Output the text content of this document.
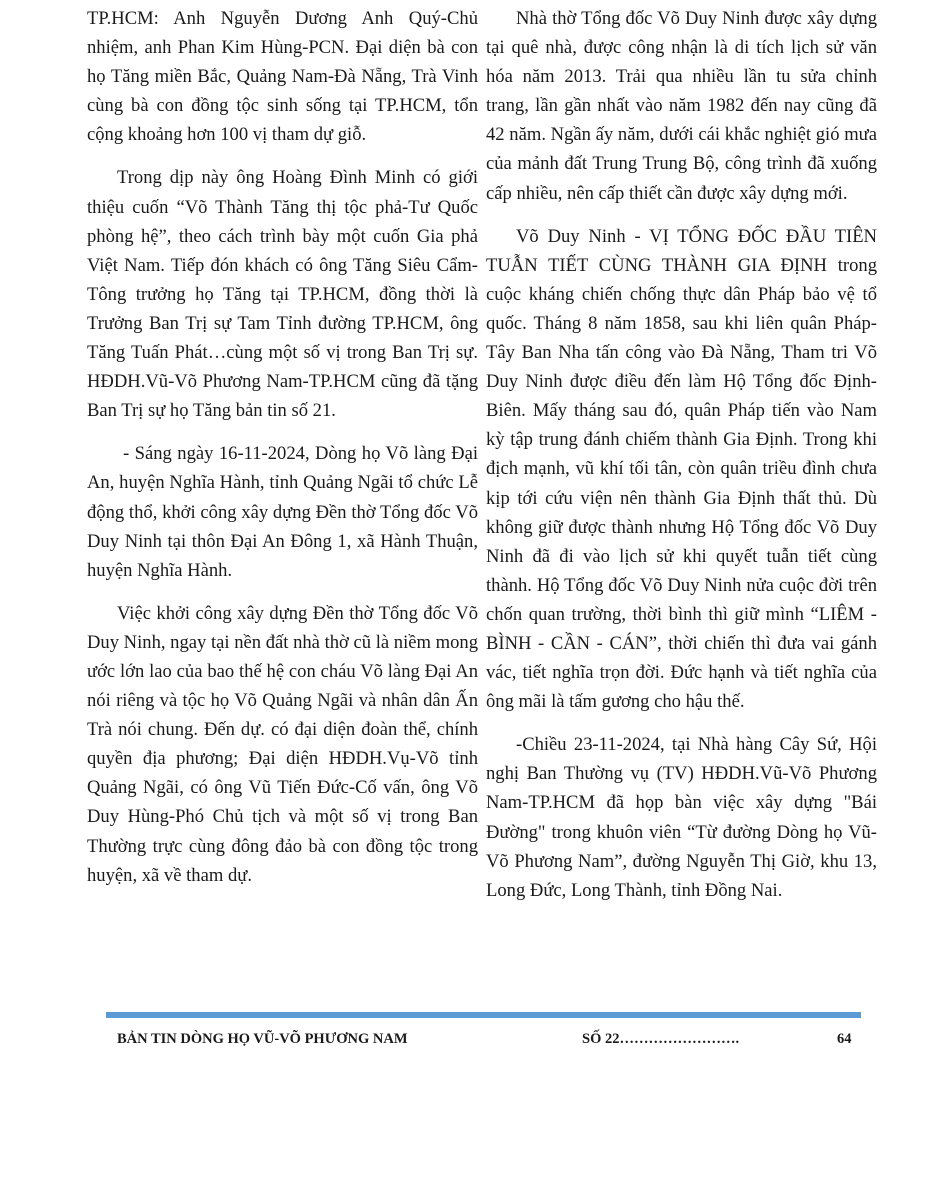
TP.HCM: Anh Nguyễn Dương Anh Quý-Chủ nhiệm, anh Phan Kim Hùng-PCN. Đại diện bà con họ Tăng miền Bắc, Quảng Nam-Đà Nẵng, Trà Vinh cùng bà con đồng tộc sinh sống tại TP.HCM, tổn cộng khoảng hơn 100 vị tham dự giỗ.

Trong dịp này ông Hoàng Đình Minh có giới thiệu cuốn “Võ Thành Tăng thị tộc phả-Tư Quốc phòng hệ”, theo cách trình bày một cuốn Gia phả Việt Nam. Tiếp đón khách có ông Tăng Siêu Cẩm-Tông trưởng họ Tăng tại TP.HCM, đồng thời là Trưởng Ban Trị sự Tam Tỉnh đường TP.HCM, ông Tăng Tuấn Phát…cùng một số vị trong Ban Trị sự. HĐDH.Vũ-Võ Phương Nam-TP.HCM cũng đã tặng Ban Trị sự họ Tăng bản tin số 21.

- Sáng ngày 16-11-2024, Dòng họ Võ làng Đại An, huyện Nghĩa Hành, tỉnh Quảng Ngãi tổ chức Lễ động thổ, khởi công xây dựng Đền thờ Tổng đốc Võ Duy Ninh tại thôn Đại An Đông 1, xã Hành Thuận, huyện Nghĩa Hành.

Việc khởi công xây dựng Đền thờ Tổng đốc Võ Duy Ninh, ngay tại nền đất nhà thờ cũ là niềm mong ước lớn lao của bao thế hệ con cháu Võ làng Đại An nói riêng và tộc họ Võ Quảng Ngãi và nhân dân Ấn Trà nói chung. Đến dự. có đại diện đoàn thể, chính quyền địa phương; Đại diện HĐDH.Vụ-Võ tỉnh Quảng Ngãi, có ông Vũ Tiến Đức-Cố vấn, ông Võ Duy Hùng-Phó Chủ tịch và một số vị trong Ban Thường trực cùng đông đảo bà con đồng tộc trong huyện, xã về tham dự.

Nhà thờ Tổng đốc Võ Duy Ninh được xây dựng tại quê nhà, được công nhận là di tích lịch sử văn hóa năm 2013. Trải qua nhiều lần tu sửa chỉnh trang, lần gần nhất vào năm 1982 đến nay cũng đã 42 năm. Ngần ấy năm, dưới cái khắc nghiệt gió mưa của mảnh đất Trung Trung Bộ, công trình đã xuống cấp nhiều, nên cấp thiết cần được xây dựng mới.

Võ Duy Ninh - VỊ TỔNG ĐỐC ĐẦU TIÊN TUẪN TIẾT CÙNG THÀNH GIA ĐỊNH trong cuộc kháng chiến chống thực dân Pháp bảo vệ tổ quốc. Tháng 8 năm 1858, sau khi liên quân Pháp-Tây Ban Nha tấn công vào Đà Nẵng, Tham tri Võ Duy Ninh được điều đến làm Hộ Tổng đốc Định-Biên. Mấy tháng sau đó, quân Pháp tiến vào Nam kỳ tập trung đánh chiếm thành Gia Định. Trong khi địch mạnh, vũ khí tối tân, còn quân triều đình chưa kịp tới cứu viện nên thành Gia Định thất thủ. Dù không giữ được thành nhưng Hộ Tổng đốc Võ Duy Ninh đã đi vào lịch sử khi quyết tuẫn tiết cùng thành. Hộ Tổng đốc Võ Duy Ninh nửa cuộc đời trên chốn quan trường, thời bình thì giữ mình “LIÊM - BÌNH - CẦN - CÁN”, thời chiến thì đưa vai gánh vác, tiết nghĩa trọn đời. Đức hạnh và tiết nghĩa của ông mãi là tấm gương cho hậu thế.

-Chiều 23-11-2024, tại Nhà hàng Cây Sứ, Hội nghị Ban Thường vụ (TV) HĐDH.Vũ-Võ Phương Nam-TP.HCM đã họp bàn việc xây dựng "Bái Đường" trong khuôn viên “Từ đường Dòng họ Vũ-Võ Phương Nam”, đường Nguyễn Thị Giờ, khu 13, Long Đức, Long Thành, tỉnh Đồng Nai.

BẢN TIN DÒNG HỌ VŨ-VÕ PHƯƠNG NAM	SỐ 22…………………….	64
